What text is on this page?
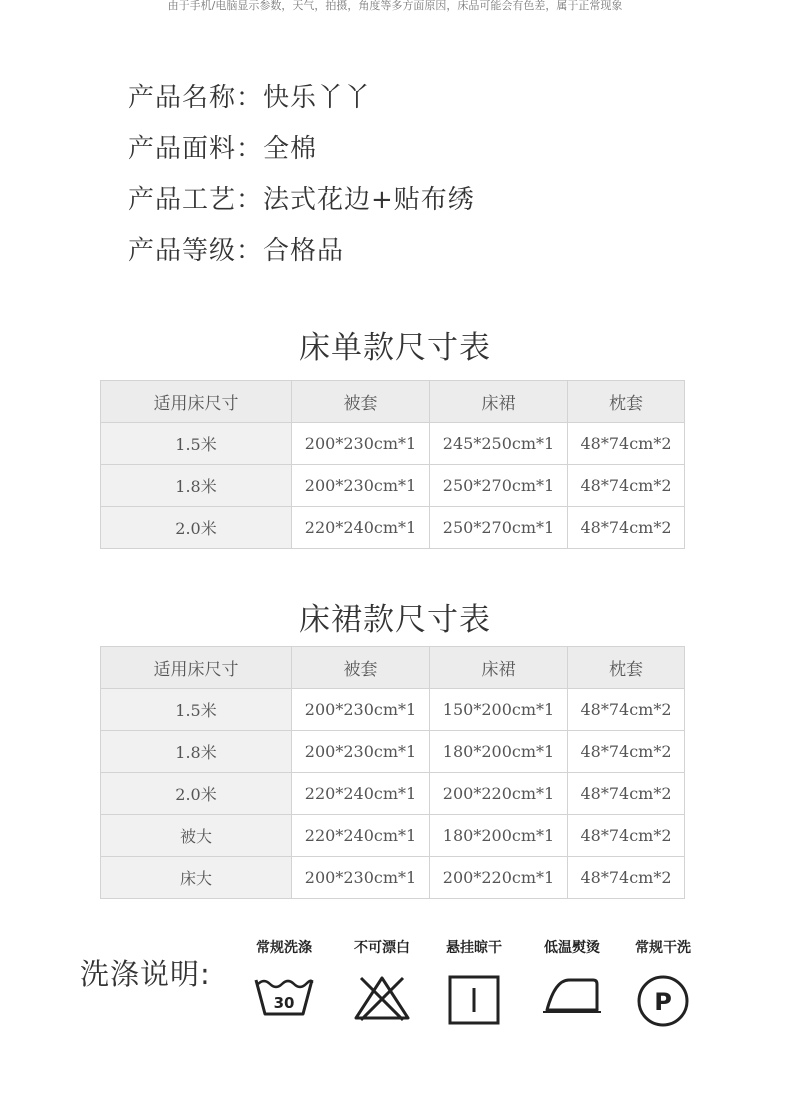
由于手机/电脑显示参数，天气，拍摄，角度等多方面原因，床品可能会有色差，属于正常现象
产品名称： 快乐丫丫
产品面料： 全棉
产品工艺： 法式花边+贴布绣
产品等级： 合格品
床单款尺寸表
适用床尺寸	被套	床裙	枕套
1.5米	200*230cm*1	245*250cm*1	48*74cm*2
1.8米	200*230cm*1	250*270cm*1	48*74cm*2
2.0米	220*240cm*1	250*270cm*1	48*74cm*2
床裙款尺寸表
适用床尺寸	被套	床裙	枕套
1.5米	200*230cm*1	150*200cm*1	48*74cm*2
1.8米	200*230cm*1	180*200cm*1	48*74cm*2
2.0米	220*240cm*1	200*220cm*1	48*74cm*2
被大	220*240cm*1	180*200cm*1	48*74cm*2
床大	200*230cm*1	200*220cm*1	48*74cm*2
洗涤说明:
常规洗涤
30
不可漂白	悬挂晾干	低温熨烫	常规干洗
P
